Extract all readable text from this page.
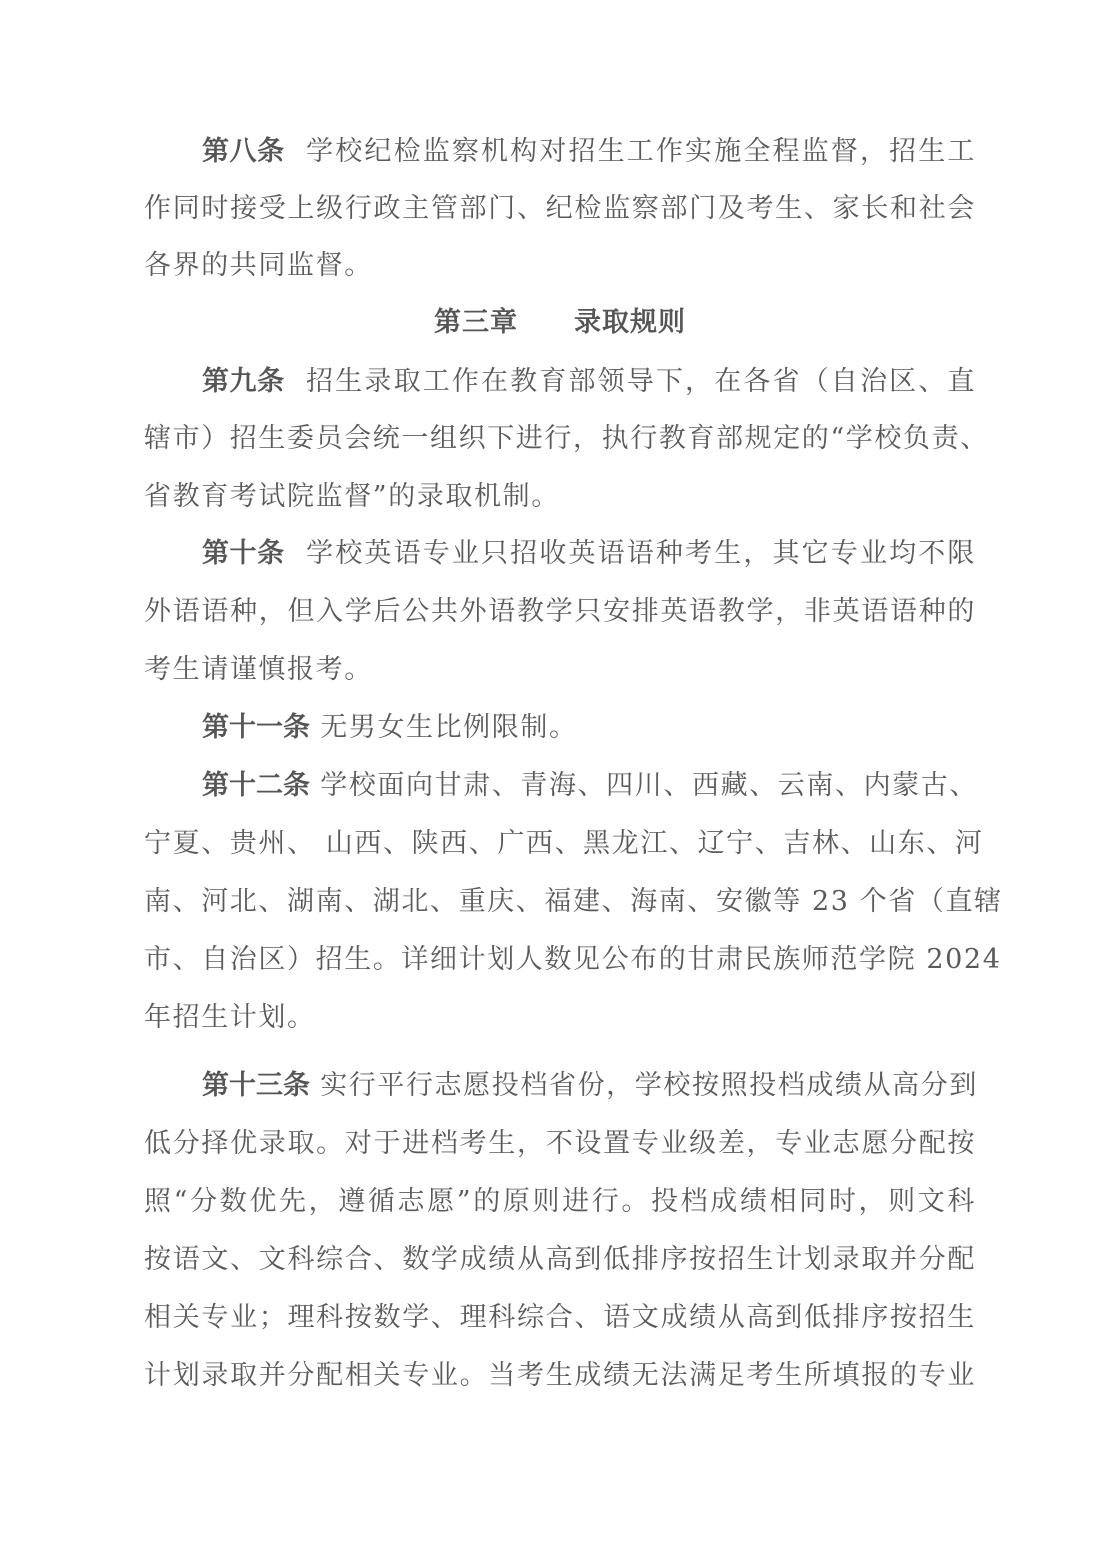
第八条 学校纪检监察机构对招生工作实施全程监督，招生工
作同时接受上级行政主管部门、纪检监察部门及考生、家长和社会
各界的共同监督。
第三章 录取规则
第九条 招生录取工作在教育部领导下，在各省（自治区、直
辖市）招生委员会统一组织下进行，执行教育部规定的“学校负责、
省教育考试院监督”的录取机制。
第十条 学校英语专业只招收英语语种考生，其它专业均不限
外语语种，但入学后公共外语教学只安排英语教学，非英语语种的
考生请谨慎报考。
第十一条 无男女生比例限制。
第十二条 学校面向甘肃、青海、四川、西藏、云南、内蒙古、
宁夏、贵州、 山西、陕西、广西、黑龙江、辽宁、吉林、山东、河
南、河北、湖南、湖北、重庆、福建、海南、安徽等 23 个省（直辖
市、自治区）招生。详细计划人数见公布的甘肃民族师范学院 2024
年招生计划。
第十三条 实行平行志愿投档省份，学校按照投档成绩从高分到
低分择优录取。对于进档考生，不设置专业级差，专业志愿分配按
照“分数优先，遵循志愿”的原则进行。投档成绩相同时，则文科
按语文、文科综合、数学成绩从高到低排序按招生计划录取并分配
相关专业；理科按数学、理科综合、语文成绩从高到低排序按招生
计划录取并分配相关专业。当考生成绩无法满足考生所填报的专业
